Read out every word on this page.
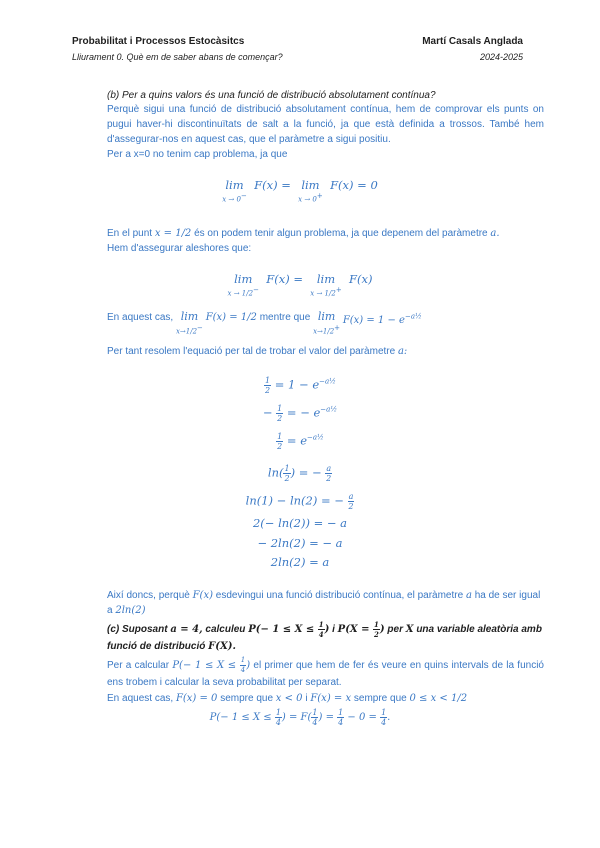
Probabilitat i Processos Estocàsitcs	Martí Casals Anglada
Lliurament 0. Què em de saber abans de començar?	2024-2025
(b) Per a quins valors és una funció de distribució absolutament contínua?
Perquè sigui una funció de distribució absolutament contínua, hem de comprovar els punts on pugui haver-hi discontinuïtats de salt a la funció, ja que està definida a trossos. També hem d'assegurar-nos en aquest cas, que el paràmetre a sigui positiu.
Per a x=0 no tenim cap problema, ja que
lim
x → 0−
F(x) =  lim
x → 0+
F(x) = 0
En el punt x = 1/2 és on podem tenir algun problema, ja que depenem del paràmetre a.
Hem d'assegurar aleshores que:
lim
x → 1/2−
F(x) =  lim
x → 1/2+
F(x)
En aquest cas, lim
x→1/2−
F(x) = 1/2 mentre que lim
x→1/2+
$F(x) = 1 - e^{-a\frac{1}{2}}$
Per tant resolem l'equació per tal de trobar el valor del paràmetre a:
$\frac{1}{2} = 1 - e^{-a\frac{1}{2}}$
− $\frac{1}{2}$ = − $e^{-a\frac{1}{2}}$
$\frac{1}{2} = e^{-a\frac{1}{2}}$
$\ln( \frac{1}{2}$ ) = − $\frac{a}{2}$
ln(1) − ln(2) = − $\frac{a}{2}$
2(− ln(2)) = − a
− 2ln(2) = − a
2ln(2) = a
Així doncs, perquè F(x) esdevingui una funció distribució contínua, el paràmetre a ha de ser igual a 2ln(2)
(c) Suposant a = 4, calculeu $P(- 1 \le X \le \frac{1}{4}$ ) i $P(X = \frac{1}{2}$ ) per X una variable aleatòria amb funció de distribució F(X).
Per a calcular $P(- 1 \le X \le \frac{1}{4}$ ) el primer que hem de fer és veure en quins intervals de la funció ens trobem i calcular la seva probabilitat per separat.
En aquest cas, F(x) = 0 sempre que x < 0 i F(x) = x sempre que 0 ≤ x < 1/2
$P(- 1 \le X \le \frac{1}{4}$ ) = $F( \frac{1}{4}$ ) = $\frac{1}{4} - 0 = \frac{1}{4}$ .
